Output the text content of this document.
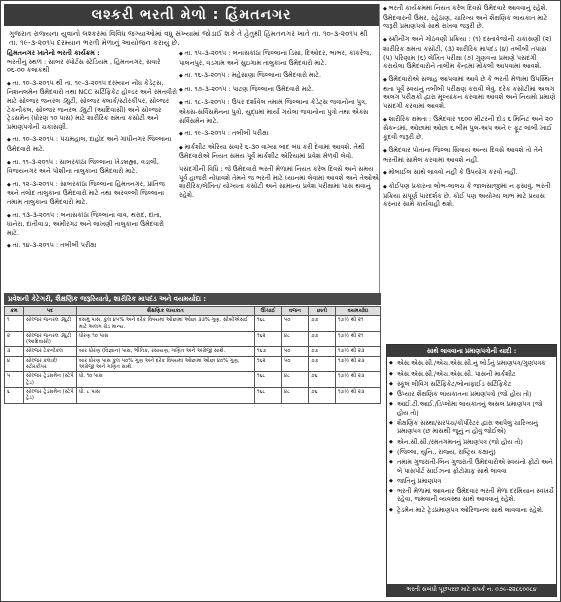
લશ્કરી ભરતી મેળો : હિંમતનગર
ગુજરાત રાજ્યના યુવાનો લશ્કરમાં વિવિધ જગ્યાઓમાં વધુ સંખ્યામાં જોડાઈ શકે તે હેતુથી હિંમતનગર ખાતે તા. ૧૦-૩-૨૦૧૫ થી તા. ૧૯-૩-૨૦૧૫ દરમ્યાન ભરતી મેળાનું આયોજન કરાયું છે.
હિંમતનગર ખાતેનો ભરતી કાર્યક્રમ :
ભરતીનું સ્થળ : સાબર સ્પોર્ટસ સ્ટેડિયમ , હિંમતનગર, સવારે ૦૬-૦૦ કલાકથી
◆ તા. ૧૦-૩-૨૦૧૫ થી તા. ૧૯-૩-૨૦૧૫ દરમ્યાન નોંધ કેડેટ્સ, નિશનલમેન ઉમેદવારો તથા NCC સર્ટિફિકેટ હોલ્ડર અને રમતવીરો માટે સોલ્જર જનરલ ડ્યુટી, સોલ્જર ક્લાર્ક/સ્ટોરકીપર, સોલ્જર ટેકનીકલ, સોલ્જર જનરલ ડ્યુટી (આદિવાસી) અને સોલ્જર ટ્રેડસમેન (ધોરણ ૧૦ પાસ) માટે શારીરિક ક્ષમતા કસોટી અને પ્રમાણપત્રોની ચકાસણી.
◆ તા. ૧૦-૩-૨૦૧૫ : પંચમહાલ, દાહોદ અને ગાંધીનગર જિલ્લાના ઉમેદવારો માટે.
◆ તા. ૧૧-૩-૨૦૧૫ : સાબરકાંઠા જિલ્લાના ખેડબ્રહ્મા, વડાલી, વિજયનગર અને પોશીના તાલુકાના ઉમેદવારો માટે.
◆ તા. ૧૨-૩-૨૦૧૫ : સાબરકાંઠા જિલ્લાના હિંમતનગર, પ્રાંતિજ અને તલોદ તાલુકાના ઉમેદવારો માટે તથા અરવલ્લી જિલ્લાના તમામ તાલુકાના ઉમેદવારો માટે.
◆ તા. ૧૩-૩-૨૦૧૫ : બનાસકાંઠા જિલ્લાના વાવ, થરાદ, દાંતા, ધાનેરા, દાંતીવાડા, અમીરગઢ અને લાખણી તાલુકાના ઉમેદવારો માટે.
◆ તા. ૧૪-૩-૨૦૧૫ : તબીબી પરીક્ષા
◆ તા. ૧૫-૩-૨૦૧૫ : બનાસકાંઠા જિલ્લાના ડિસા, દિઓદર, ભાભર, કાંકરેજ, પાલનપુર, વડગામ અને સુઇગામ તાલુકાના ઉમેદવારો માટે.
◆ તા. ૧૬-૩-૨૦૧૫ : મહેસાણા જિલ્લાના ઉમેદવારો માટે.
◆ તા. ૧૭-૩-૨૦૧૫ : પાટણ જિલ્લાના ઉમેદવારો માટે.
◆ તા. ૧૮-૩-૨૦૧૫ : ઉપર દર્શાવેલ તમામ જિલ્લાના કેડેટ્સ જવાનોના પુત્ર, એક્સ-સર્વિસમેનના પુત્રો, યુદ્ધમાં માર્યા ગયેલા જવાનોના પુત્રો તથા એક્સ સર્વિસમેન માટે.
◆ તા. ૧૯-૩-૨૦૧૫ : તબીબી પરીક્ષા
◆ માર્કશીટ એરિયા સવારે ૬-૩૦ વાગ્યા બાદ બંધ કરી દેવામાં આવશે. તેથી ઉમેદવારોએ નિયત સમય પૂર્વે માર્કશીટ એરિયામાં પ્રવેશ મેળવી લેવો.
પસંદગીની વિધિ : જે ઉમેદવારો ભરતી મેળામાં નિયત કરેલ દિવસે અને સમય પૂર્વ હાજરી નોંધાવશે તેમને જ ભરતી માટે ધ્યાનમાં લેવામાં આવશે અને તેઓએ શારીરિક/લેખિત/ યોગ્યતા કસોટી અને સામાન્ય પ્રવેશ પરીક્ષામાં પાસ થવાનું રહેશે.
◆ ભરતી કાર્યક્રમમાં નિયત કરેલ દિવસે ઉમેદવારે આવવાનું રહેશે. ઉમેદવારની ઉંમર, રહેઠાણ, ચારિત્ર્ય અને શૈક્ષણિક લાયકાત માટે જરૂરી પ્રમાણપત્રો સાથે રાખવા જરૂરી છે.
◆ સ્ક્રીનીંગ અને ગોઠવણી પ્રક્રિયા : (૧) દસ્તાવેજોની ચકાસણી (૨) શારીરિક ક્ષમતા કસોટી, (૩) શારીરિક માપદંડ (૪) તબીબી તપાસ (પ) પરિણામ (૬) લેખિત પરીક્ષા (૭) ગુણવત્તા પ્રમાણે પસંદગી કરાયેલા ઉમેદવારોને તાલીમ કેન્દ્રમાં મોકલી આપવામાં આવશે.
◆ ઉમેદવારોએ સલાહ આપવામાં આવે છે કે ભરતી મેળામાં ઉપસ્થિત થતા પૂર્વે સ્વયંનું તબીબી પરીક્ષણ કરાવી લેવું. દરેક કસોટીમાં અલગ અલગ પરીક્ષકો દ્વારા મૂલ્યાંકન કરવામાં આવશે અને નિયમો પ્રમાણે પસંદગી કરવામાં આવશે.
◆ શારીરિક ક્ષમતા : ઉમેદવાર ૧૬૦૦ મીટરની દોડ ૬ મિનિટ અને ૨૦ સેકન્ડમાં, ઓછામાં ઓછા ૬ બીમ પુલ-અપ અને ૯ ફૂટ લાંબી ખાઈ કૂદવી જરૂરી છે.
◆ ઉમેદવાર પોતાના જિલ્લા સિવાય અન્ય દિવસે આવશે તો તેને ભરતીમાં સામેલ કરવામાં આવશે નહીં.
◆ મોબાઈલ સાથે લાવવો નહીં કે ઉપયોગ કરવો નહીં.
◆ કોઈપણ પ્રકારના લોભ-લાલચ કે જાલસાજીમાં ન ફસાવું. ભરતી પ્રક્રિયા સંપૂર્ણ પારદર્શક છે. કોઈ પણ અયોગ્ય લાભ માટે પ્રયાસ કરનાર સામે કાર્યવાહી થશે.
પ્રવેશની કેટેગરી, શૈક્ષણિક જરૂરિયાતો, શારીરિક માપદંડ અને વયમર્યાદા :
ક્રમ	પદ	શૈક્ષણિક લાયકાત	ઊંચાઈ	વજન	છાતી	વયમર્યાદા
૧	સોલ્જર જનરલ ડ્યુટી	દસમું પાસ, કુલ ૪૫% અને દરેક વિષયમાં ઓછામાં ઓછા ૩૩% ગુણ. સીબીએસઈ માટે અલગ ગ્રેડ માન્ય.	૧૬૮	૫૦	૭૭	૧૭½ થી ૨૧
૨	સોલ્જર જનરલ ડ્યુટી (આદિવાસી)	ધોરણ ૧૦ પાસ	૧૬૨	૪૮	૭૭	૧૭½ થી ૨૧
૩	સોલ્જર ટેકનીકલ	બાર ધોરણ (વિજ્ઞાન) પાસ, ભૌતિક, રસાયણ, ગણિત અને અંગ્રેજી સાથે.	૧૬૭	૫૦	૭૭	૧૭½ થી ૨૩
૪	સોલ્જર ક્લાર્ક/ સ્ટોરકીપર	બાર ધોરણ પાસ કુલ ૫૦% ગુણ અને દરેક વિષયમાં ઓછામાં ઓછા ૪૦% ગુણ, અંગ્રેજી અને ગણિત સાથે.	૧૬૨	૫૦	૭૭	૧૭½ થી ૨૩
૫	સોલ્જર ટ્રેડસમેન (સ્ટેપે ટ્રેડ)	ધો. ૧૦ પાસ	૧૬૮	૪૮	૭૬	૧૭½ થી ૨૩
૬	સોલ્જર ટ્રેડસમેન (સ્ટેપે ટ્રેડ)	ધો. ૮ પાસ	૧૬૮	૪૮	૭૬	૧૭½ થી ૨૩
સાથે લાવવાના પ્રમાણપત્રોની યાદી :
◆ એસ.એસ.સી./એચ.એસ.સી.નું બોર્ડનું પ્રમાણપત્ર/ગુણપત્રક
◆ એસ.એસ.સી./એચ.એસ.સી. પાસની માર્કશીટ
◆ સ્કૂલ લીવિંગ સર્ટિફિકેટ/બોનાફાઈડ સર્ટિફિકેટ
◆ ઉપ્યાર શૈક્ષણિક લાયકાતના પ્રમાણપત્રો (જો હોય તો)
◆ આઈ.ટી.આઈ./ડિપ્લોમા લાયકાતનું અસલ પ્રમાણપત્ર (જો હોય તો)
◆ શૈક્ષણિક સંસ્થા/સરપંચ/કોર્પોરેટર દ્વારા આપેલું ચારિત્ર્યનું પ્રમાણપત્ર (છ માસથી જૂનું ન હોવું જોઈએ)
◆ એન.સી.સી./રમતગમતનું પ્રમાણપત્ર (જો હોય તો)
◆ (જિલ્લા, યુનિ., રાજ્ય, રાષ્ટ્રિય કક્ષાનું)
◆ તમામ ગુજરાતી-બિન ગુજરાતી ઉમેદવારોએ સ્વયંનો ફોટો અને બે પાસપોર્ટ સાઈઝના ફોટોગ્રાફ સાથે લાવવા
◆ જાતિનું પ્રમાણપત્ર
◆ ભરતી મેળામાં આવનાર ઉમેદવાર ભરતી મેળા દરમિયાન સ્વખર્ચે રહેવા, જમવાની વ્યવસ્થા સાથે આવવાનું રહેશે.
◆ ટ્રેડમેન માટે ટ્રેડપ્રમાણપત્ર ઓરિજનલ સાથે લાવવાના રહેશે.
ભરતી સંબંધી પૂછપરછ માટે સંપર્ક ન. ૦૭૯-૨૨૮૬૦૦૮૪
